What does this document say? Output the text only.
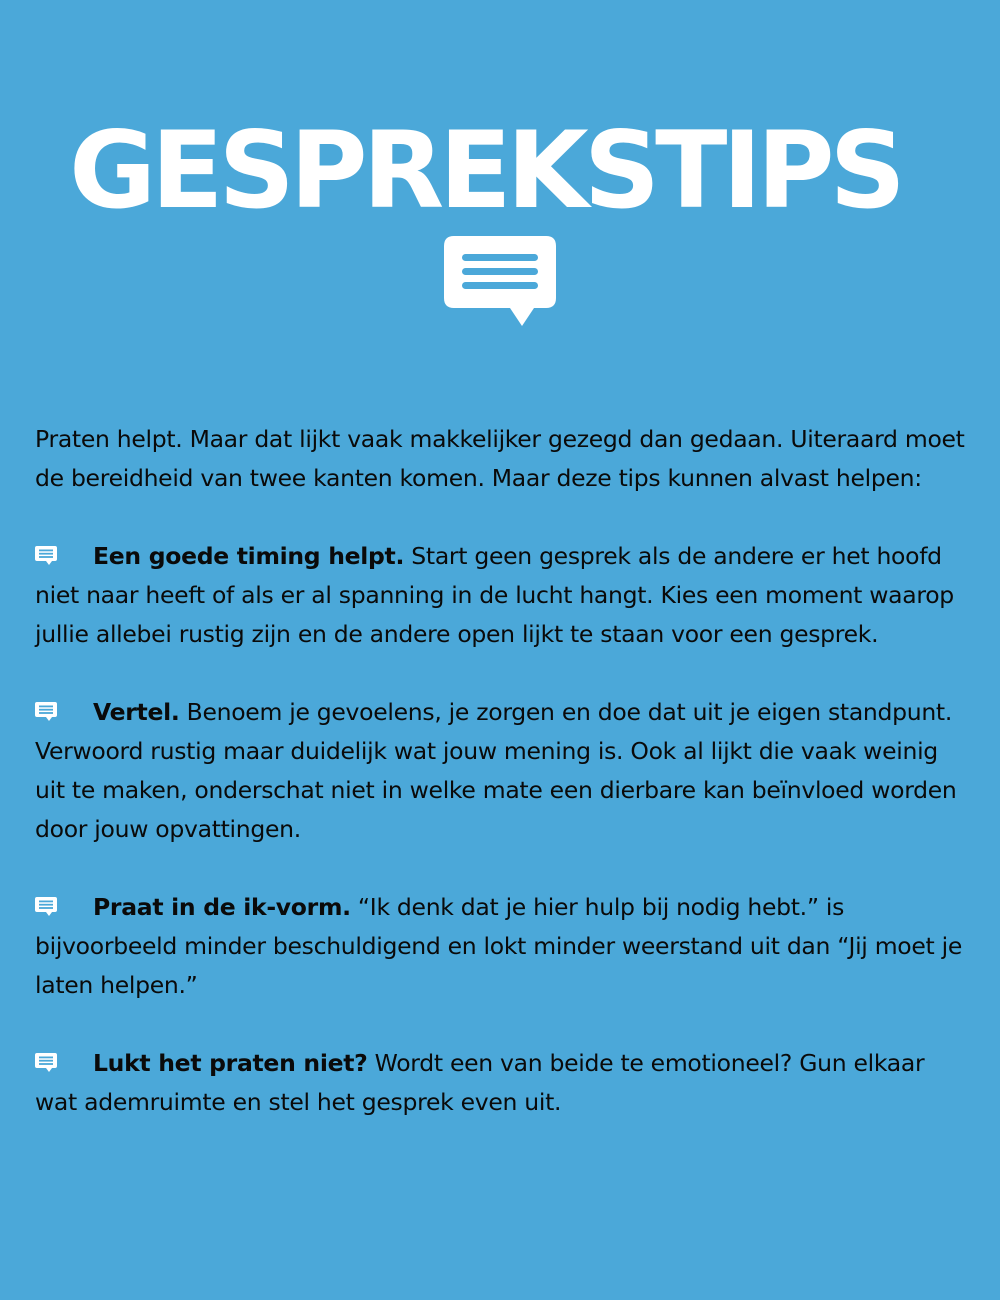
GESPREKSTIPS

Praten helpt. Maar dat lijkt vaak makkelijker gezegd dan gedaan. Uiteraard moet de bereidheid van twee kanten komen. Maar deze tips kunnen alvast helpen:

Een goede timing helpt. Start geen gesprek als de andere er het hoofd niet naar heeft of als er al spanning in de lucht hangt. Kies een moment waarop jullie allebei rustig zijn en de andere open lijkt te staan voor een gesprek.

Vertel. Benoem je gevoelens, je zorgen en doe dat uit je eigen standpunt. Verwoord rustig maar duidelijk wat jouw mening is. Ook al lijkt die vaak weinig uit te maken, onderschat niet in welke mate een dierbare kan beïnvloed worden door jouw opvattingen.

Praat in de ik-vorm. “Ik denk dat je hier hulp bij nodig hebt.” is bijvoorbeeld minder beschuldigend en lokt minder weerstand uit dan “Jij moet je laten helpen.”

Lukt het praten niet? Wordt een van beide te emotioneel? Gun elkaar wat ademruimte en stel het gesprek even uit.
